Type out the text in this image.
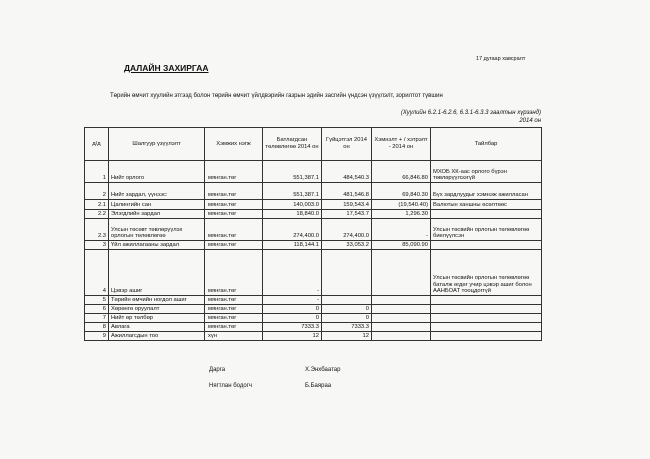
17 дугаар хавсралт
ДАЛАЙН ЗАХИРГАА
Төрийн өмчит хуулийн этгээд болон төрийн өмчит үйлдвэрийн газрын эдийн засгийн үндсэн үзүүлэлт, зорилтот түвшин
(Хуулийн 6.2.1-6.2.6, 6.3.1-6.3.3 заалтын хүрээнд)
2014 он
д/д	Шалгуур үзүүлэлт	Хэмжих нэгж	Батлагдсан төлөвлөгөө 2014 он	Гүйцэтгэл 2014 он	Хэмнэлт + / хэтрэлт - 2014 он	Тайлбар
1	Нийт орлого	мянган.төг	551,387.1	484,540.3	66,846.80	МХОБ ХК-аас орлого бүрэн төвлөрүүлээгүй
2	Нийт зардал, үүнээс:	мянган.төг	551,387.1	481,546.8	69,840.30	Бүх зардлуудыг хэмнэж ажилласан
2.1	Цалингийн сан	мянган.төг	140,003.0	159,543.4	(19,540.40)	Валютын ханшны өсөлтөөс
2.2	Элэгдлийн зардал	мянган.төг	18,840.0	17,543.7	1,296.30	
2.3	Улсын төсөвт төвлөрүүлэх орлогын төлөвлөгөө	мянган.төг	274,400.0	274,400.0	-	Улсын төсвийн орлогын төлөвлөгөө биелүүлсэн
3	Үйл ажиллагааны зардал	мянган.төг	118,144.1	33,053.2	85,090.90	
4	Цэвэр ашиг	мянган.төг	-			Улсын төсвийн орлогын төлөвлөгөө баталж өгдөг учир цэвэр ашиг болон ААНБОАТ тооцдоггүй
5	Төрийн өмчийн ногдол ашиг	мянган.төг	-			
6	Хөрөнгө оруулалт	мянган.төг	0	0		
7	Нийт өр төлбөр	мянган.төг	0	0		
8	Авлага	мянган.төг	7333.3	7333.3		
9	Ажиллагсдын тоо	хүн	12	12		
Дарга	Х.Энхбаатар
Нягтлан бодогч	Б.Баяраа
